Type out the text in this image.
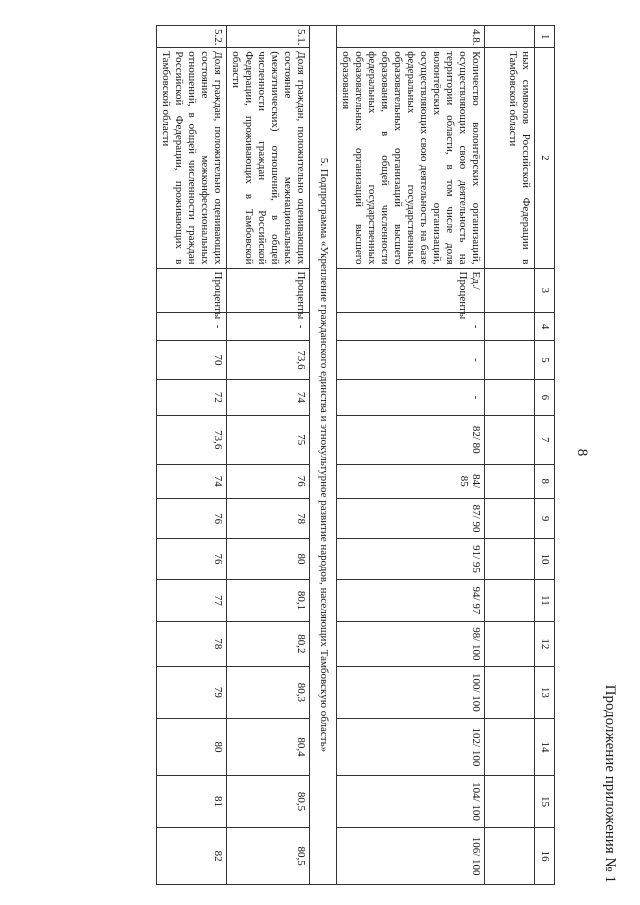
Продолжение приложения № 1
8
1	2	3	4	5	6	7	8	9	10	11	12	13	14	15	16
	ных символов Российской Федерации в Тамбовской области														
4.8.	Количество волонтёрских организаций, осуществляющих свою деятельность на территории области, в том числе доля волонтёрских организаций, осуществляющих свою деятельность на базе федеральных государственных образовательных организаций высшего образования, в общей численности федеральных государственных образовательных организаций высшего образования	Ед./ Проценты	-	-	-	82/ 80	84/ 85	87/ 90	91/ 95	94/ 97	98/ 100	100/ 100	102/ 100	104/ 100	106/ 100
5. Подпрограмма «Укрепление гражданского единства и этнокультурное развитие народов, населяющих Тамбовскую область»															
5.1.	Доля граждан, положительно оценивающих состояние межнациональных (межэтнических) отношений, в общей численности граждан Российской Федерации, проживающих в Тамбовской области	Проценты	-	73,6	74	75	76	78	80	80,1	80,2	80,3	80,4	80,5	80,5
5.2.	Доля граждан, положительно оценивающих состояние межконфессиональных отношений, в общей численности граждан Российской Федерации, проживающих в Тамбовской области	Проценты	-	70	72	73,6	74	76	76	77	78	79	80	81	82
